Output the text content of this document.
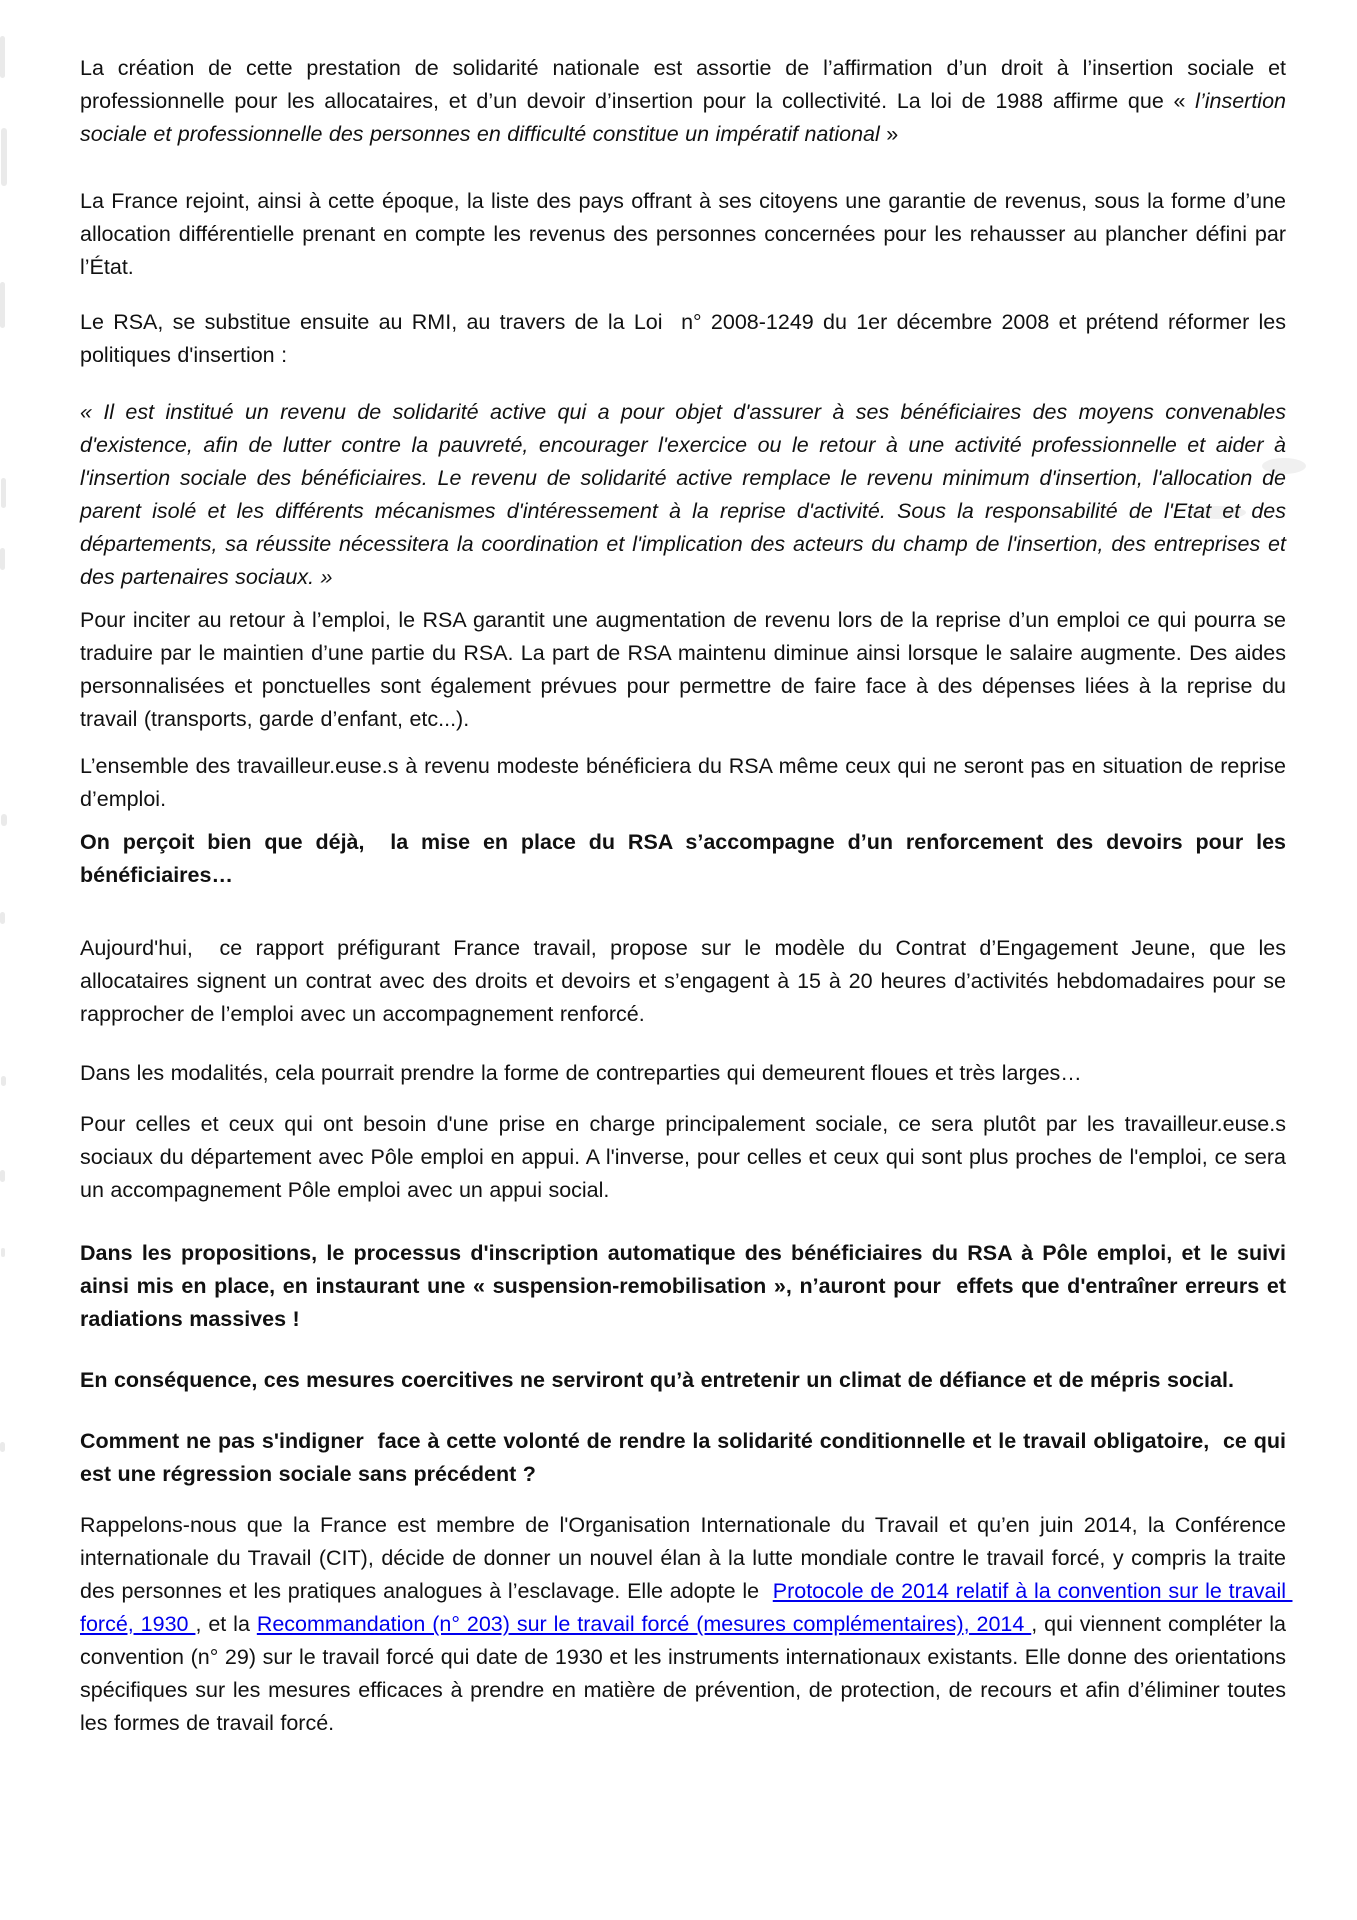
La création de cette prestation de solidarité nationale est assortie de l’affirmation d’un droit à l’insertion sociale et professionnelle pour les allocataires, et d’un devoir d’insertion pour la collectivité. La loi de 1988 affirme que « l’insertion sociale et professionnelle des personnes en difficulté constitue un impératif national »

La France rejoint, ainsi à cette époque, la liste des pays offrant à ses citoyens une garantie de revenus, sous la forme d’une allocation différentielle prenant en compte les revenus des personnes concernées pour les rehausser au plancher défini par l’État.

Le RSA, se substitue ensuite au RMI, au travers de la Loi  n° 2008-1249 du 1er décembre 2008 et prétend réformer les politiques d'insertion :

« Il est institué un revenu de solidarité active qui a pour objet d'assurer à ses bénéficiaires des moyens convenables d'existence, afin de lutter contre la pauvreté, encourager l'exercice ou le retour à une activité professionnelle et aider à l'insertion sociale des bénéficiaires. Le revenu de solidarité active remplace le revenu minimum d'insertion, l'allocation de parent isolé et les différents mécanismes d'intéressement à la reprise d'activité. Sous la responsabilité de l'Etat et des départements, sa réussite nécessitera la coordination et l'implication des acteurs du champ de l'insertion, des entreprises et des partenaires sociaux. »

Pour inciter au retour à l’emploi, le RSA garantit une augmentation de revenu lors de la reprise d’un emploi ce qui pourra se traduire par le maintien d’une partie du RSA. La part de RSA maintenu diminue ainsi lorsque le salaire augmente. Des aides personnalisées et ponctuelles sont également prévues pour permettre de faire face à des dépenses liées à la reprise du travail (transports, garde d’enfant, etc...).

L’ensemble des travailleur.euse.s à revenu modeste bénéficiera du RSA même ceux qui ne seront pas en situation de reprise d’emploi.

On perçoit bien que déjà,  la mise en place du RSA s’accompagne d’un renforcement des devoirs pour les bénéficiaires…

Aujourd'hui,  ce rapport préfigurant France travail, propose sur le modèle du Contrat d’Engagement Jeune, que les allocataires signent un contrat avec des droits et devoirs et s’engagent à 15 à 20 heures d’activités hebdomadaires pour se rapprocher de l’emploi avec un accompagnement renforcé.

Dans les modalités, cela pourrait prendre la forme de contreparties qui demeurent floues et très larges…

Pour celles et ceux qui ont besoin d'une prise en charge principalement sociale, ce sera plutôt par les travailleur.euse.s sociaux du département avec Pôle emploi en appui. A l'inverse, pour celles et ceux qui sont plus proches de l'emploi, ce sera un accompagnement Pôle emploi avec un appui social.

Dans les propositions, le processus d'inscription automatique des bénéficiaires du RSA à Pôle emploi, et le suivi ainsi mis en place, en instaurant une « suspension-remobilisation », n’auront pour  effets que d'entraîner erreurs et radiations massives !

En conséquence, ces mesures coercitives ne serviront qu’à entretenir un climat de défiance et de mépris social.

Comment ne pas s'indigner  face à cette volonté de rendre la solidarité conditionnelle et le travail obligatoire,  ce qui est une régression sociale sans précédent ?

Rappelons-nous que la France est membre de l'Organisation Internationale du Travail et qu’en juin 2014, la Conférence internationale du Travail (CIT), décide de donner un nouvel élan à la lutte mondiale contre le travail forcé, y compris la traite des personnes et les pratiques analogues à l’esclavage. Elle adopte le  Protocole de 2014 relatif à la convention sur le travail forcé, 1930 , et la Recommandation (n° 203) sur le travail forcé (mesures complémentaires), 2014 , qui viennent compléter la convention (n° 29) sur le travail forcé qui date de 1930 et les instruments internationaux existants. Elle donne des orientations spécifiques sur les mesures efficaces à prendre en matière de prévention, de protection, de recours et afin d’éliminer toutes les formes de travail forcé.
